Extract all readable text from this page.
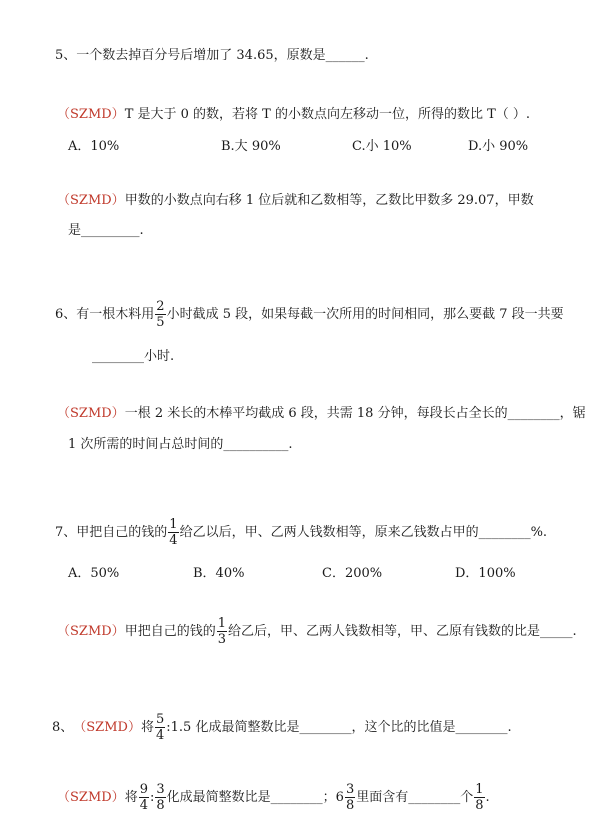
5、一个数去掉百分号后增加了 34.65，原数是______.
（SZMD）T 是大于 0 的数，若将 T 的小数点向左移动一位，所得的数比 T（ ）.
A．10%	B.大 90%	C.小 10%	D.小 90%
（SZMD）甲数的小数点向右移 1 位后就和乙数相等，乙数比甲数多 29.07，甲数
是_________.
6、有一根木料用 $\frac{2}{5}$ 小时截成 5 段，如果每截一次所用的时间相同，那么要截 7 段一共要
________小时.
（SZMD）一根 2 米长的木棒平均截成 6 段，共需 18 分钟，每段长占全长的________，锯
1 次所需的时间占总时间的__________.
7、甲把自己的钱的 $\frac{1}{4}$ 给乙以后，甲、乙两人钱数相等，原来乙钱数占甲的________%.
A．50%	B．40%	C．200%	D．100%
（SZMD） 甲把自己的钱的 $\frac{1}{3}$ 给乙后，甲、乙两人钱数相等，甲、乙原有钱数的比是_____.
8、 （SZMD） 将 $\frac{5}{4}$ :1.5 化成最简整数比是________，这个比的比值是________.
（SZMD） 将 $\frac{9}{4}$ : $\frac{3}{8}$ 化成最简整数比是________； $6 \frac{3}{8}$ 里面含有________个 $\frac{1}{8}$ .
